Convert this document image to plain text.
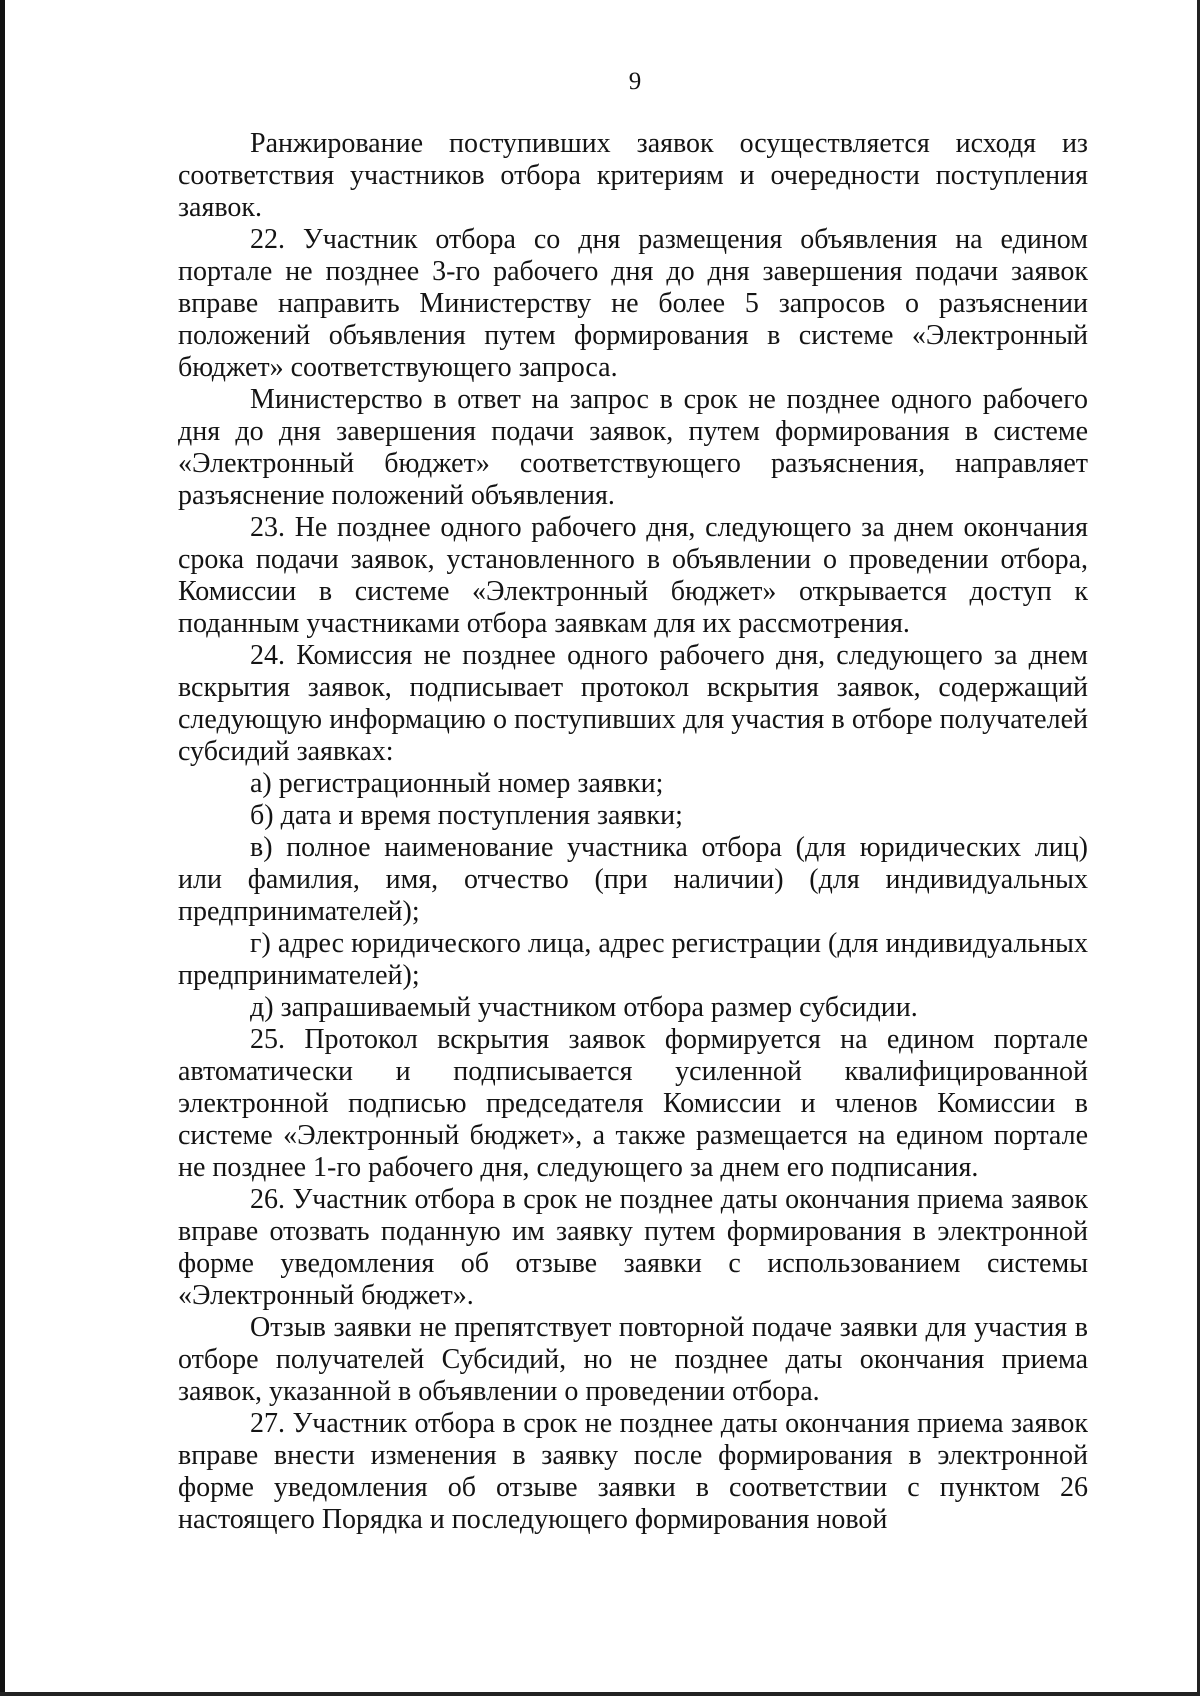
9

Ранжирование поступивших заявок осуществляется исходя из соответствия участников отбора критериям и очередности поступления заявок.

22. Участник отбора со дня размещения объявления на едином портале не позднее 3-го рабочего дня до дня завершения подачи заявок вправе направить Министерству не более 5 запросов о разъяснении положений объявления путем формирования в системе «Электронный бюджет» соответствующего запроса.

Министерство в ответ на запрос в срок не позднее одного рабочего дня до дня завершения подачи заявок, путем формирования в системе «Электронный бюджет» соответствующего разъяснения, направляет разъяснение положений объявления.

23. Не позднее одного рабочего дня, следующего за днем окончания срока подачи заявок, установленного в объявлении о проведении отбора, Комиссии в системе «Электронный бюджет» открывается доступ к поданным участниками отбора заявкам для их рассмотрения.

24. Комиссия не позднее одного рабочего дня, следующего за днем вскрытия заявок, подписывает протокол вскрытия заявок, содержащий следующую информацию о поступивших для участия в отборе получателей субсидий заявках:

а) регистрационный номер заявки;

б) дата и время поступления заявки;

в) полное наименование участника отбора (для юридических лиц) или фамилия, имя, отчество (при наличии) (для индивидуальных предпринимателей);

г) адрес юридического лица, адрес регистрации (для индивидуальных предпринимателей);

д) запрашиваемый участником отбора размер субсидии.

25. Протокол вскрытия заявок формируется на едином портале автоматически и подписывается усиленной квалифицированной электронной подписью председателя Комиссии и членов Комиссии в системе «Электронный бюджет», а также размещается на едином портале не позднее 1-го рабочего дня, следующего за днем его подписания.

26. Участник отбора в срок не позднее даты окончания приема заявок вправе отозвать поданную им заявку путем формирования в электронной форме уведомления об отзыве заявки с использованием системы «Электронный бюджет».

Отзыв заявки не препятствует повторной подаче заявки для участия в отборе получателей Субсидий, но не позднее даты окончания приема заявок, указанной в объявлении о проведении отбора.

27. Участник отбора в срок не позднее даты окончания приема заявок вправе внести изменения в заявку после формирования в электронной форме уведомления об отзыве заявки в соответствии с пунктом 26 настоящего Порядка и последующего формирования новой
